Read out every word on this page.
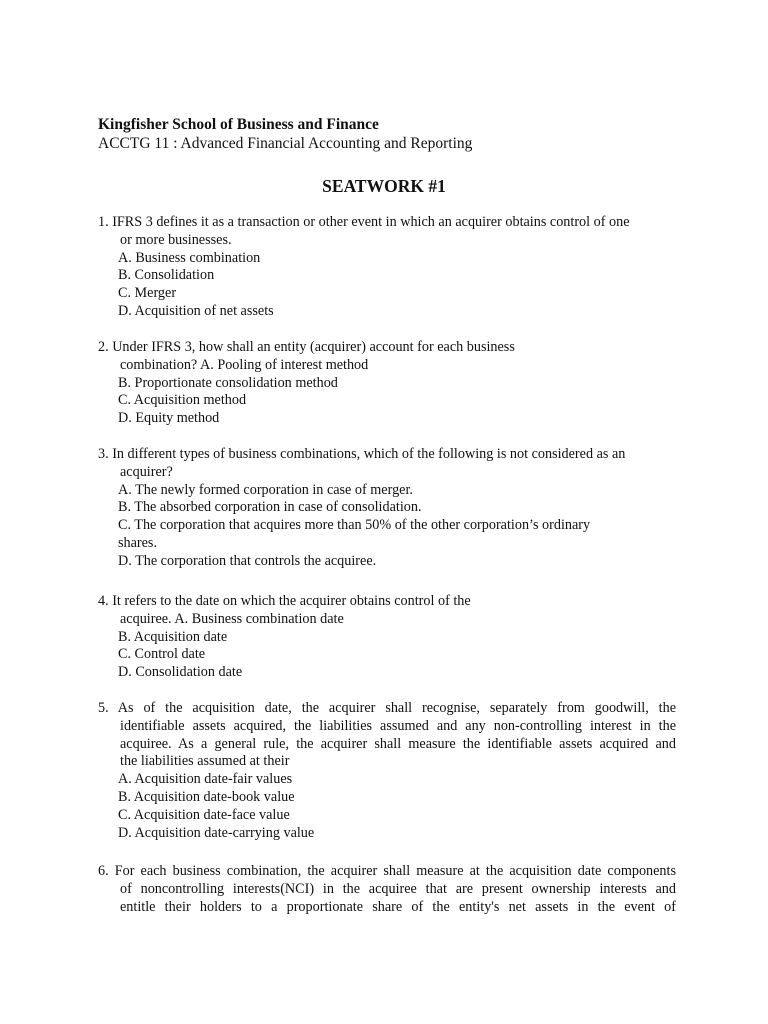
Kingfisher School of Business and Finance
ACCTG 11 : Advanced Financial Accounting and Reporting
SEATWORK #1
1. IFRS 3 defines it as a transaction or other event in which an acquirer obtains control of one
or more businesses.
A. Business combination
B. Consolidation
C. Merger
D. Acquisition of net assets
2. Under IFRS 3, how shall an entity (acquirer) account for each business
combination? A. Pooling of interest method
B. Proportionate consolidation method
C. Acquisition method
D. Equity method
3. In different types of business combinations, which of the following is not considered as an
acquirer?
A. The newly formed corporation in case of merger.
B. The absorbed corporation in case of consolidation.
C. The corporation that acquires more than 50% of the other corporation’s ordinary
shares.
D. The corporation that controls the acquiree.
4. It refers to the date on which the acquirer obtains control of the
acquiree. A. Business combination date
B. Acquisition date
C. Control date
D. Consolidation date
5. As of the acquisition date, the acquirer shall recognise, separately from goodwill, the
identifiable assets acquired, the liabilities assumed and any non-controlling interest in the
acquiree. As a general rule, the acquirer shall measure the identifiable assets acquired and
the liabilities assumed at their
A. Acquisition date-fair values
B. Acquisition date-book value
C. Acquisition date-face value
D. Acquisition date-carrying value
6. For each business combination, the acquirer shall measure at the acquisition date components
of noncontrolling interests(NCI) in the acquiree that are present ownership interests and
entitle their holders to a proportionate share of the entity's net assets in the event of
